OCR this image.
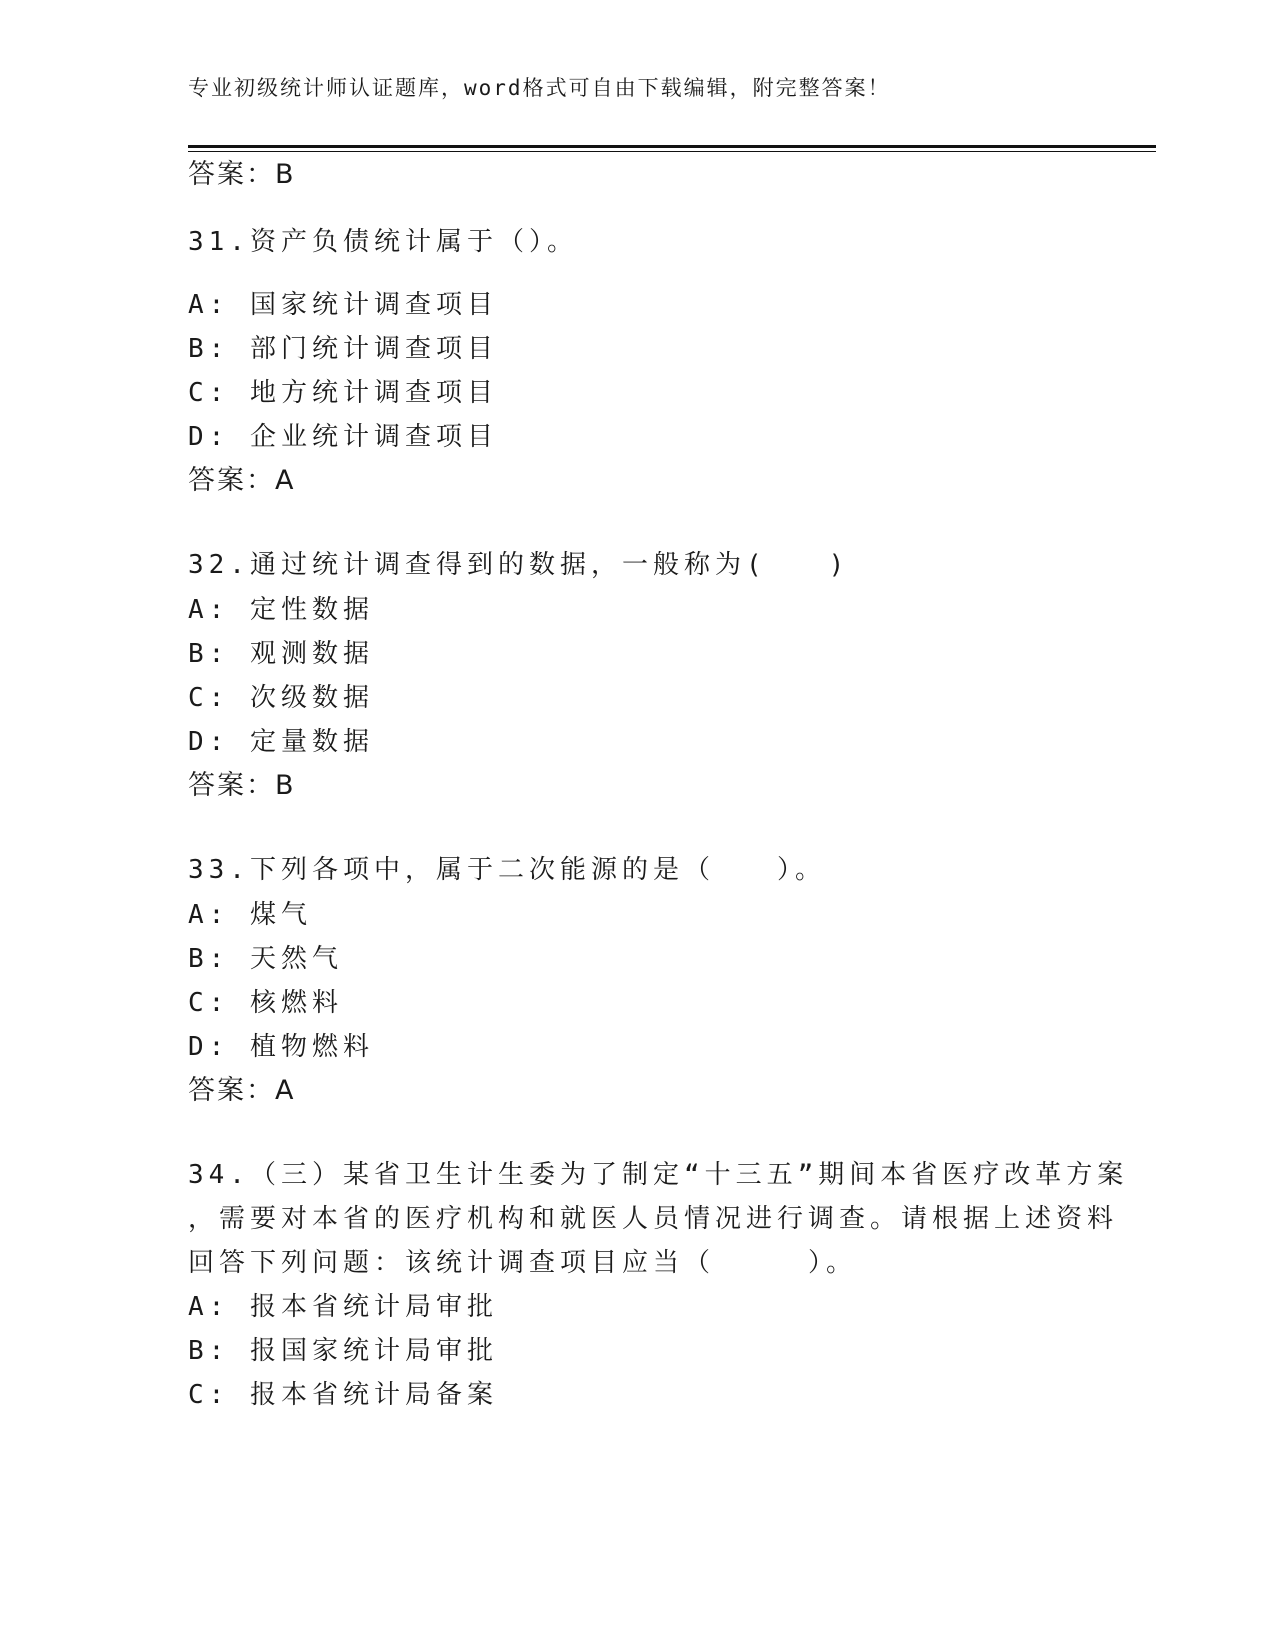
专业初级统计师认证题库，word格式可自由下载编辑，附完整答案！
答案：B
31.资产负债统计属于（）。
A: 国家统计调查项目
B: 部门统计调查项目
C: 地方统计调查项目
D: 企业统计调查项目
答案：A
32.通过统计调查得到的数据，一般称为(　　)
A: 定性数据
B: 观测数据
C: 次级数据
D: 定量数据
答案：B
33.下列各项中，属于二次能源的是（　　）。
A: 煤气
B: 天然气
C: 核燃料
D: 植物燃料
答案：A
34.（三）某省卫生计生委为了制定“十三五”期间本省医疗改革方案
，需要对本省的医疗机构和就医人员情况进行调查。请根据上述资料
回答下列问题：该统计调查项目应当（　　　）。
A: 报本省统计局审批
B: 报国家统计局审批
C: 报本省统计局备案
